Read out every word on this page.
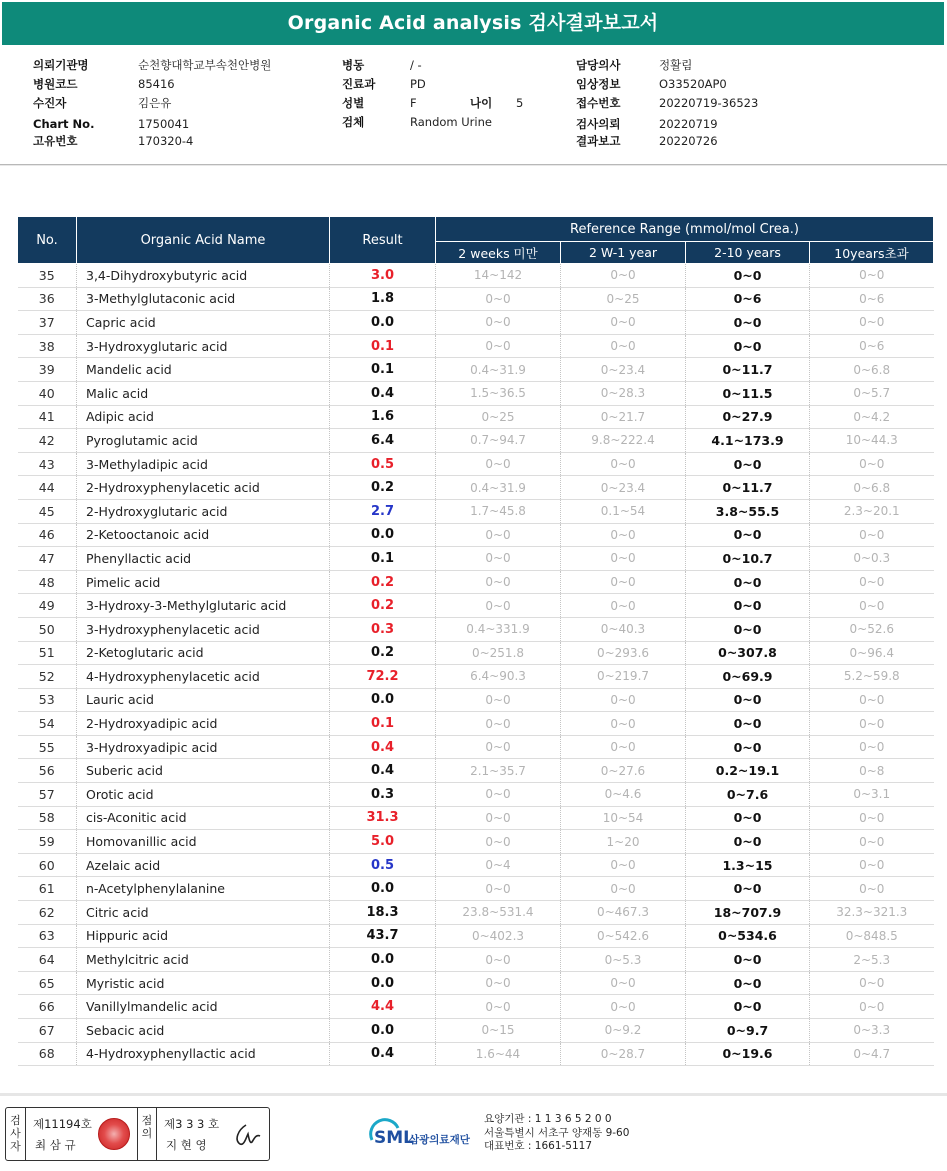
Organic Acid analysis 검사결과보고서
의뢰기관명	순천향대학교부속천안병원
병원코드	85416
수진자	김은유
Chart No.	1750041
고유번호	170320-4
병동	/ -
진료과	PD
성별	F	나이 5
검체	Random Urine
담당의사	정활림
임상정보	O33520AP0
접수번호	20220719-36523
검사의뢰	20220719
결과보고	20220726
No.	Organic Acid Name	Result	Reference Range (mmol/mol Crea.)			
			2 weeks 미만	2 W-1 year	2-10 years	10years초과
35	3,4-Dihydroxybutyric acid	3.0	14~142	0~0	0~0	0~0
36	3-Methylglutaconic acid	1.8	0~0	0~25	0~6	0~6
37	Capric acid	0.0	0~0	0~0	0~0	0~0
38	3-Hydroxyglutaric acid	0.1	0~0	0~0	0~0	0~6
39	Mandelic acid	0.1	0.4~31.9	0~23.4	0~11.7	0~6.8
40	Malic acid	0.4	1.5~36.5	0~28.3	0~11.5	0~5.7
41	Adipic acid	1.6	0~25	0~21.7	0~27.9	0~4.2
42	Pyroglutamic acid	6.4	0.7~94.7	9.8~222.4	4.1~173.9	10~44.3
43	3-Methyladipic acid	0.5	0~0	0~0	0~0	0~0
44	2-Hydroxyphenylacetic acid	0.2	0.4~31.9	0~23.4	0~11.7	0~6.8
45	2-Hydroxyglutaric acid	2.7	1.7~45.8	0.1~54	3.8~55.5	2.3~20.1
46	2-Ketooctanoic acid	0.0	0~0	0~0	0~0	0~0
47	Phenyllactic acid	0.1	0~0	0~0	0~10.7	0~0.3
48	Pimelic acid	0.2	0~0	0~0	0~0	0~0
49	3-Hydroxy-3-Methylglutaric acid	0.2	0~0	0~0	0~0	0~0
50	3-Hydroxyphenylacetic acid	0.3	0.4~331.9	0~40.3	0~0	0~52.6
51	2-Ketoglutaric acid	0.2	0~251.8	0~293.6	0~307.8	0~96.4
52	4-Hydroxyphenylacetic acid	72.2	6.4~90.3	0~219.7	0~69.9	5.2~59.8
53	Lauric acid	0.0	0~0	0~0	0~0	0~0
54	2-Hydroxyadipic acid	0.1	0~0	0~0	0~0	0~0
55	3-Hydroxyadipic acid	0.4	0~0	0~0	0~0	0~0
56	Suberic acid	0.4	2.1~35.7	0~27.6	0.2~19.1	0~8
57	Orotic acid	0.3	0~0	0~4.6	0~7.6	0~3.1
58	cis-Aconitic acid	31.3	0~0	10~54	0~0	0~0
59	Homovanillic acid	5.0	0~0	1~20	0~0	0~0
60	Azelaic acid	0.5	0~4	0~0	1.3~15	0~0
61	n-Acetylphenylalanine	0.0	0~0	0~0	0~0	0~0
62	Citric acid	18.3	23.8~531.4	0~467.3	18~707.9	32.3~321.3
63	Hippuric acid	43.7	0~402.3	0~542.6	0~534.6	0~848.5
64	Methylcitric acid	0.0	0~0	0~5.3	0~0	2~5.3
65	Myristic acid	0.0	0~0	0~0	0~0	0~0
66	Vanillylmandelic acid	4.4	0~0	0~0	0~0	0~0
67	Sebacic acid	0.0	0~15	0~9.2	0~9.7	0~3.3
68	4-Hydroxyphenyllactic acid	0.4	1.6~44	0~28.7	0~19.6	0~4.7
검사자
제11194호
최 삼 규
점의
제3 3 3 호
지 현 영	SML
삼광의료재단
요양기관 : 1 1 3 6 5 2 0 0
서울특별시 서초구 양재동 9-60
대표번호 : 1661-5117
